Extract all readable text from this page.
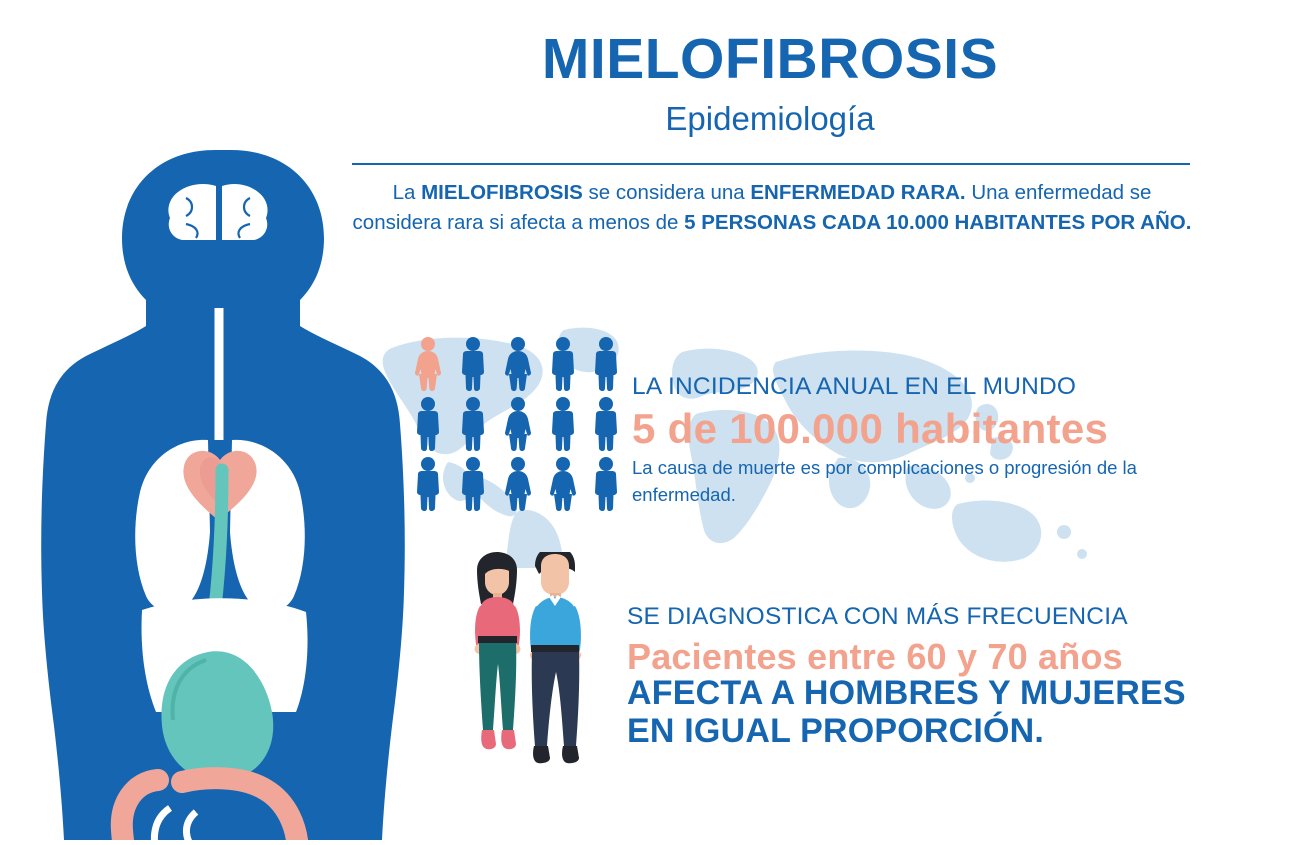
MIELOFIBROSIS
Epidemiología
La MIELOFIBROSIS se considera una ENFERMEDAD RARA. Una enfermedad se considera rara si afecta a menos de 5 PERSONAS CADA 10.000 HABITANTES POR AÑO.
LA INCIDENCIA ANUAL EN EL MUNDO
5 de 100.000 habitantes
La causa de muerte es por complicaciones o progresión de la enfermedad.
SE DIAGNOSTICA CON MÁS FRECUENCIA
Pacientes entre 60 y 70 años
AFECTA A HOMBRES Y MUJERES
EN IGUAL PROPORCIÓN.
